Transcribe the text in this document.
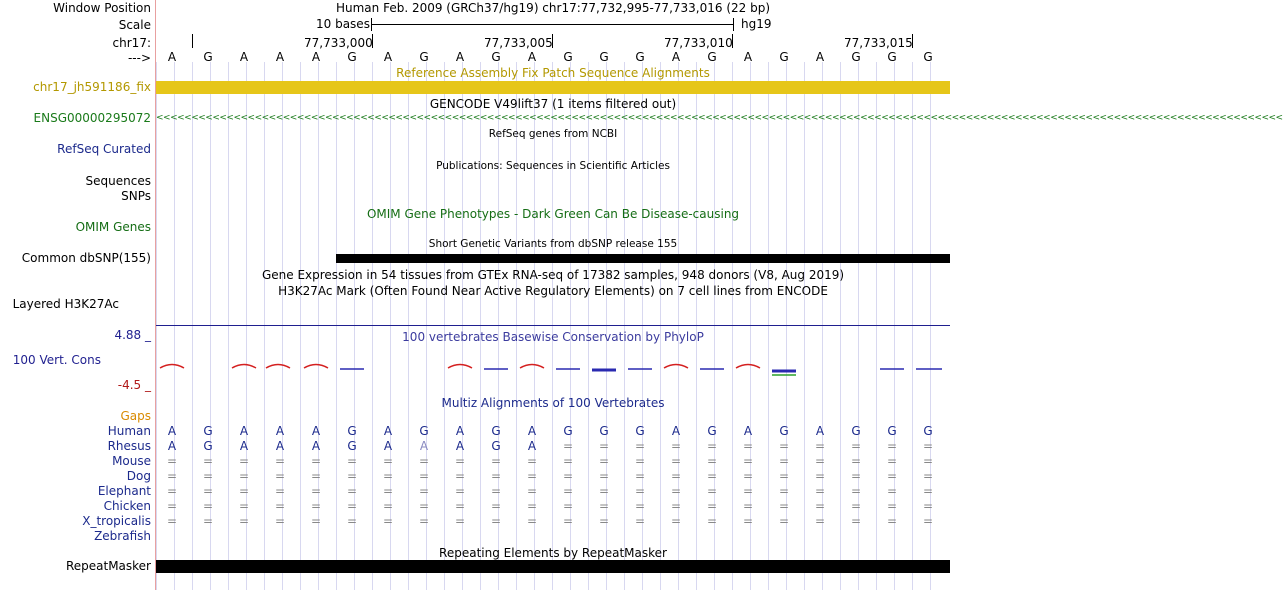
Window Position
Scale
chr17:
--->
chr17_jh591186_fix
ENSG00000295072
RefSeq Curated
Sequences
SNPs
OMIM Genes
Common dbSNP(155)
Layered H3K27Ac
4.88 _
100 Vert. Cons
-4.5 _
Gaps
Human
Rhesus
Mouse
Dog
Elephant
Chicken
X_tropicalis
Zebrafish
RepeatMasker
Human Feb. 2009 (GRCh37/hg19) chr17:77,732,995-77,733,016 (22 bp)
10 bases	hg19
77,733,000	77,733,005	77,733,010	77,733,015
A	G	A	A	A	G	A	G	A	G	A	G	G	G	A	G	A	G	A	G	G	G
Reference Assembly Fix Patch Sequence Alignments
GENCODE V49lift37 (1 items filtered out)
<<<<<<<<<<<<<<<<<<<<<<<<<<<<<<<<<<<<<<<<<<<<<<<<<<<<<<<<<<<<<<<<<<<<<<<<<<<<<<<<<<<<<<<<<<<<<<<<<<<<<<<<<<<<<<<<<<<<<<<<<<<<<<<<<<<<<<<<<<<<<<<<<<<<<<<<<<<<<<<<
RefSeq genes from NCBI
Publications: Sequences in Scientific Articles
OMIM Gene Phenotypes - Dark Green Can Be Disease-causing
Short Genetic Variants from dbSNP release 155
Gene Expression in 54 tissues from GTEx RNA-seq of 17382 samples, 948 donors (V8, Aug 2019)
H3K27Ac Mark (Often Found Near Active Regulatory Elements) on 7 cell lines from ENCODE
100 vertebrates Basewise Conservation by PhyloP
Multiz Alignments of 100 Vertebrates
A	G	A	A	A	G	A	G	A	G	A	G	G	G	A	G	A	G	A	G	G	G
A	G	A	A	A	G	A	A	A	G	A	=	=	=	=	=	=	=	=	=	=	=
=	=	=	=	=	=	=	=	=	=	=	=	=	=	=	=	=	=	=	=	=	=
=	=	=	=	=	=	=	=	=	=	=	=	=	=	=	=	=	=	=	=	=	=
=	=	=	=	=	=	=	=	=	=	=	=	=	=	=	=	=	=	=	=	=	=
=	=	=	=	=	=	=	=	=	=	=	=	=	=	=	=	=	=	=	=	=	=
=	=	=	=	=	=	=	=	=	=	=	=	=	=	=	=	=	=	=	=	=	=
Repeating Elements by RepeatMasker
